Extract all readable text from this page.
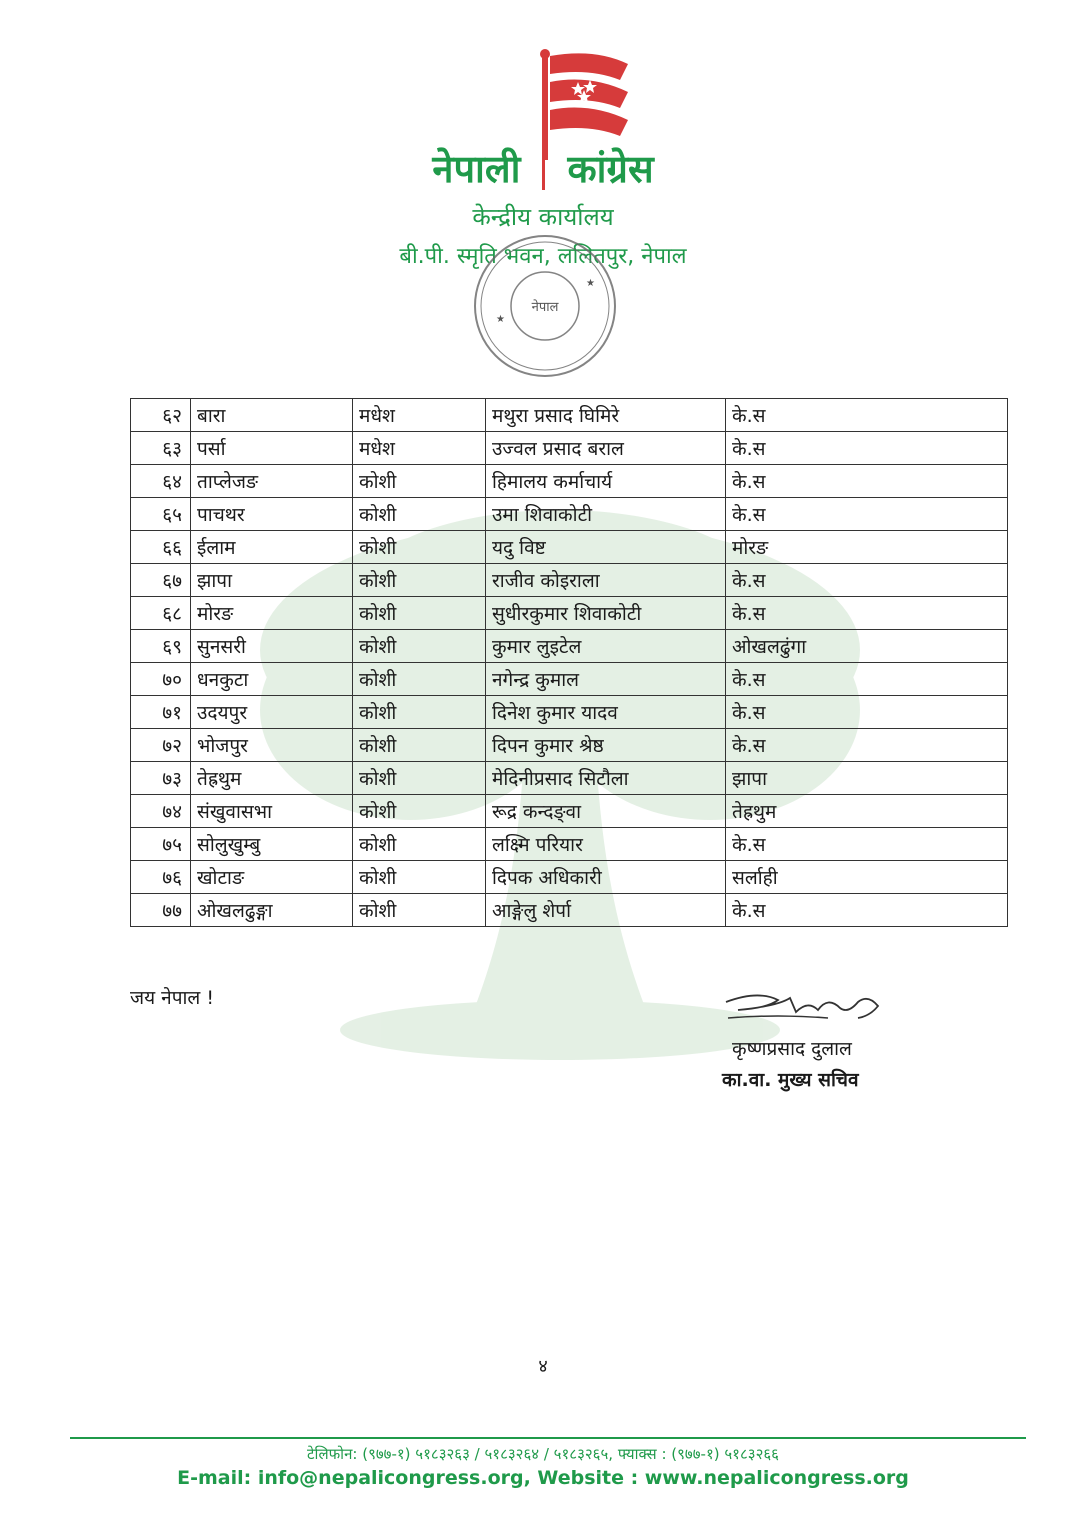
नेपाली कांग्रेस
केन्द्रीय कार्यालय
बी.पी. स्मृति भवन, ललितपुर, नेपाल
नेपाल
★
★
६२	बारा	मधेश	मथुरा प्रसाद घिमिरे	के.स
६३	पर्सा	मधेश	उज्वल प्रसाद बराल	के.स
६४	ताप्लेजङ	कोशी	हिमालय कर्माचार्य	के.स
६५	पाचथर	कोशी	उमा शिवाकोटी	के.स
६६	ईलाम	कोशी	यदु विष्ट	मोरङ
६७	झापा	कोशी	राजीव कोइराला	के.स
६८	मोरङ	कोशी	सुधीरकुमार शिवाकोटी	के.स
६९	सुनसरी	कोशी	कुमार लुइटेल	ओखलढुंगा
७०	धनकुटा	कोशी	नगेन्द्र कुमाल	के.स
७१	उदयपुर	कोशी	दिनेश कुमार यादव	के.स
७२	भोजपुर	कोशी	दिपन कुमार श्रेष्ठ	के.स
७३	तेह्रथुम	कोशी	मेदिनीप्रसाद सिटौला	झापा
७४	संखुवासभा	कोशी	रूद्र कन्दङ्वा	तेह्रथुम
७५	सोलुखुम्बु	कोशी	लक्ष्मि परियार	के.स
७६	खोटाङ	कोशी	दिपक अधिकारी	सर्लाही
७७	ओखलढुङ्गा	कोशी	आङ्गेलु शेर्पा	के.स
जय नेपाल !
कृष्णप्रसाद दुलाल
का.वा. मुख्य सचिव
४
टेलिफोन: (९७७-१) ५१८३२६३ / ५१८३२६४ / ५१८३२६५, फ्याक्स : (९७७-१) ५१८३२६६
E-mail: info@nepalicongress.org, Website : www.nepalicongress.org
